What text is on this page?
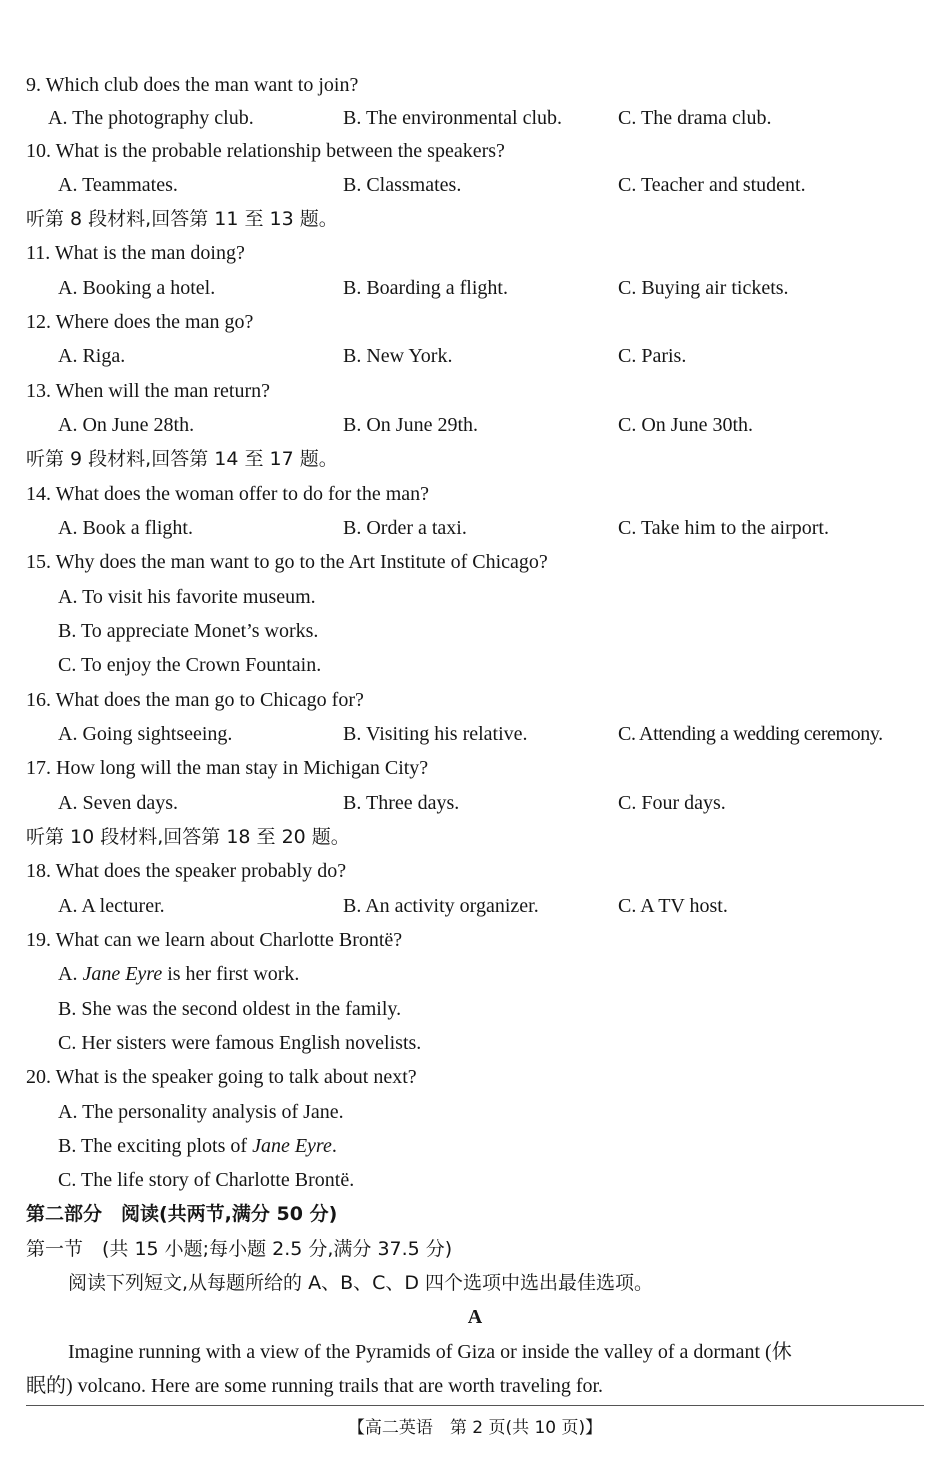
9. Which club does the man want to join?
A. The photography club.	B. The environmental club.	C. The drama club.
10. What is the probable relationship between the speakers?
A. Teammates.	B. Classmates.	C. Teacher and student.
听第 8 段材料,回答第 11 至 13 题。
11. What is the man doing?
A. Booking a hotel.	B. Boarding a flight.	C. Buying air tickets.
12. Where does the man go?
A. Riga.	B. New York.	C. Paris.
13. When will the man return?
A. On June 28th.	B. On June 29th.	C. On June 30th.
听第 9 段材料,回答第 14 至 17 题。
14. What does the woman offer to do for the man?
A. Book a flight.	B. Order a taxi.	C. Take him to the airport.
15. Why does the man want to go to the Art Institute of Chicago?
A. To visit his favorite museum.
B. To appreciate Monet’s works.
C. To enjoy the Crown Fountain.
16. What does the man go to Chicago for?
A. Going sightseeing.	B. Visiting his relative.	C. Attending a wedding ceremony.
17. How long will the man stay in Michigan City?
A. Seven days.	B. Three days.	C. Four days.
听第 10 段材料,回答第 18 至 20 题。
18. What does the speaker probably do?
A. A lecturer.	B. An activity organizer.	C. A TV host.
19. What can we learn about Charlotte Brontë?
A. Jane Eyre is her first work.
B. She was the second oldest in the family.
C. Her sisters were famous English novelists.
20. What is the speaker going to talk about next?
A. The personality analysis of Jane.
B. The exciting plots of Jane Eyre.
C. The life story of Charlotte Brontë.
第二部分　阅读(共两节,满分 50 分)
第一节　(共 15 小题;每小题 2.5 分,满分 37.5 分)
阅读下列短文,从每题所给的 A、B、C、D 四个选项中选出最佳选项。
A
Imagine running with a view of the Pyramids of Giza or inside the valley of a dormant (休
眠的) volcano. Here are some running trails that are worth traveling for.
【高二英语　第 2 页(共 10 页)】
